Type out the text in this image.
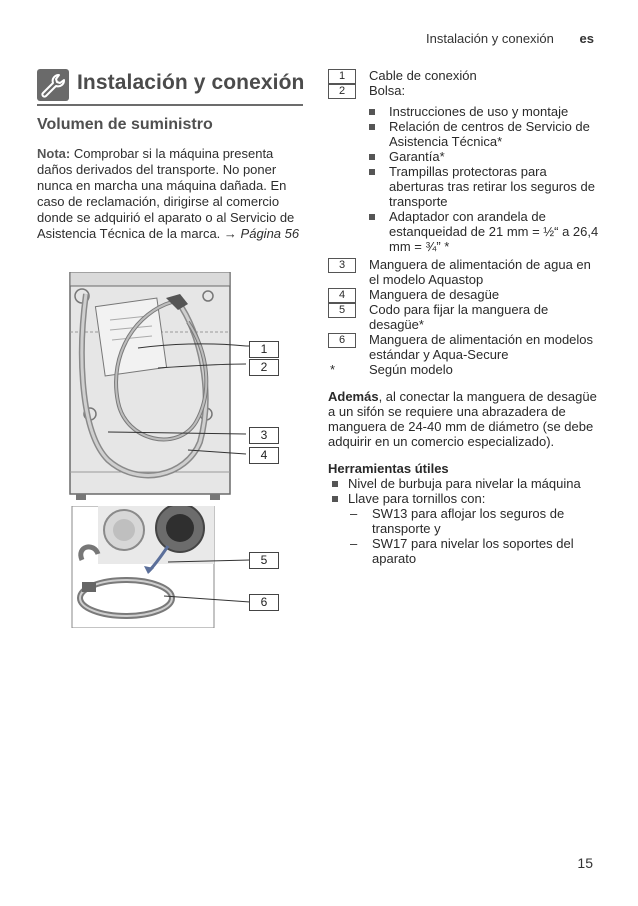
Instalación y conexión es
Instalación y conexión
Volumen de suministro
Nota: Comprobar si la máquina presenta daños derivados del transporte. No poner nunca en marcha una máquina dañada. En caso de reclamación, dirigirse al comercio donde se adquirió el aparato o al Servicio de Asistencia Técnica de la marca. → Página 56
1
2
3
4
5
6
1	Cable de conexión
2	Bolsa:
Instrucciones de uso y montaje
Relación de centros de Servicio de Asistencia Técnica*
Garantía*
Trampillas protectoras para aberturas tras retirar los seguros de transporte
Adaptador con arandela de estanqueidad de 21 mm = ½“ a 26,4 mm = ¾” *
3	Manguera de alimentación de agua en el modelo Aquastop
4	Manguera de desagüe
5	Codo para fijar la manguera de desagüe*
6	Manguera de alimentación en modelos estándar y Aqua-Secure
*	Según modelo
Además, al conectar la manguera de desagüe a un sifón se requiere una abrazadera de manguera de 24-40 mm de diámetro (se debe adquirir en un comercio especializado).
Herramientas útiles
Nivel de burbuja para nivelar la máquina
Llave para tornillos con:
– SW13 para aflojar los seguros de transporte y
– SW17 para nivelar los soportes del aparato
15
